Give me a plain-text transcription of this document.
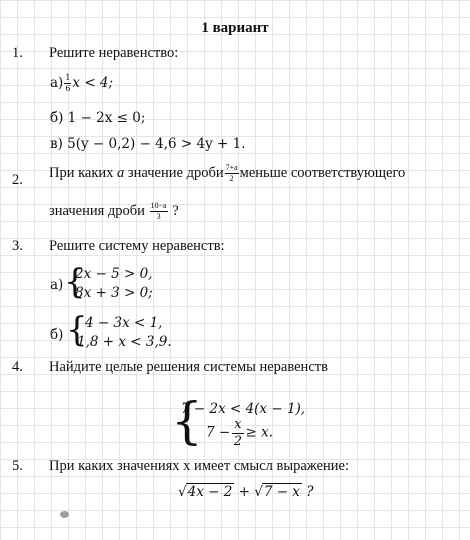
1 вариант
1. Решите неравенство:
$а) \frac{1}{6}$ x < 4;
б) 1 − 2x ≤ 0;
в) 5(y − 0,2) − 4,6 > 4y + 1.
2. При каких a значение дроби $\frac{7+a}{2}$ меньше соответствующего
значения дроби $\frac{10-a}{3}$ ?
3. Решите систему неравенств:
а) {
2x − 5 > 0,
8x + 3 > 0;
б) {
4 − 3x < 1,
1,8 + x < 3,9.
4. Найдите целые решения системы неравенств
{
7 − 2x < 4(x − 1),
$7 - \frac{x}{2} \ge x$.
5. При каких значениях x имеет смысл выражение:
√4x − 2 + √7 − x ?
